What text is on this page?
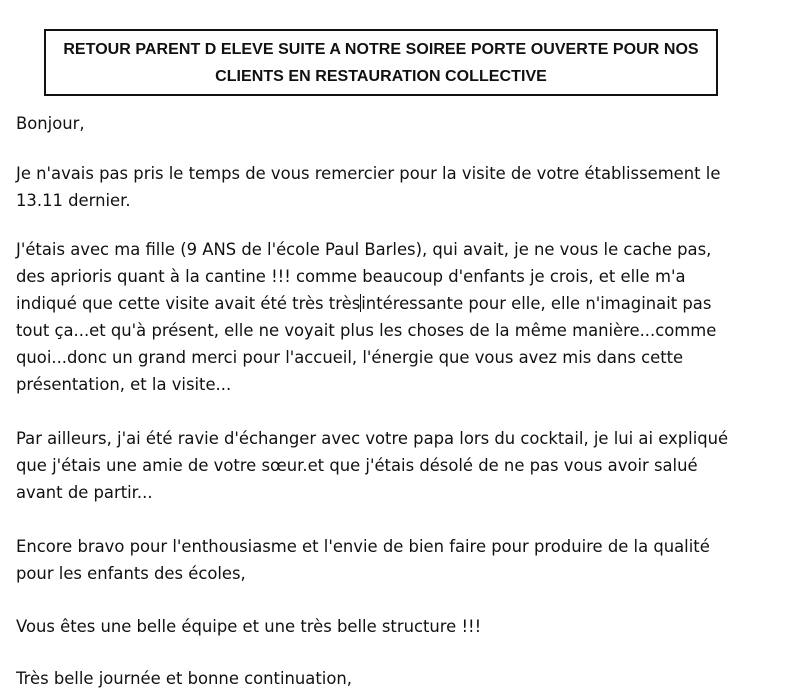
RETOUR PARENT D ELEVE SUITE A NOTRE SOIREE PORTE OUVERTE POUR NOS
CLIENTS EN RESTAURATION COLLECTIVE

Bonjour,

Je n'avais pas pris le temps de vous remercier pour la visite de votre établissement le
13.11 dernier.

J'étais avec ma fille (9 ANS de l'école Paul Barles), qui avait, je ne vous le cache pas,
des aprioris quant à la cantine !!! comme beaucoup d'enfants je crois, et elle m'a
indiqué que cette visite avait été très trèsintéressante pour elle, elle n'imaginait pas
tout ça...et qu'à présent, elle ne voyait plus les choses de la même manière...comme
quoi...donc un grand merci pour l'accueil, l'énergie que vous avez mis dans cette
présentation, et la visite...

Par ailleurs, j'ai été ravie d'échanger avec votre papa lors du cocktail, je lui ai expliqué
que j'étais une amie de votre sœur.et que j'étais désolé de ne pas vous avoir salué
avant de partir...

Encore bravo pour l'enthousiasme et l'envie de bien faire pour produire de la qualité
pour les enfants des écoles,

Vous êtes une belle équipe et une très belle structure !!!

Très belle journée et bonne continuation,
